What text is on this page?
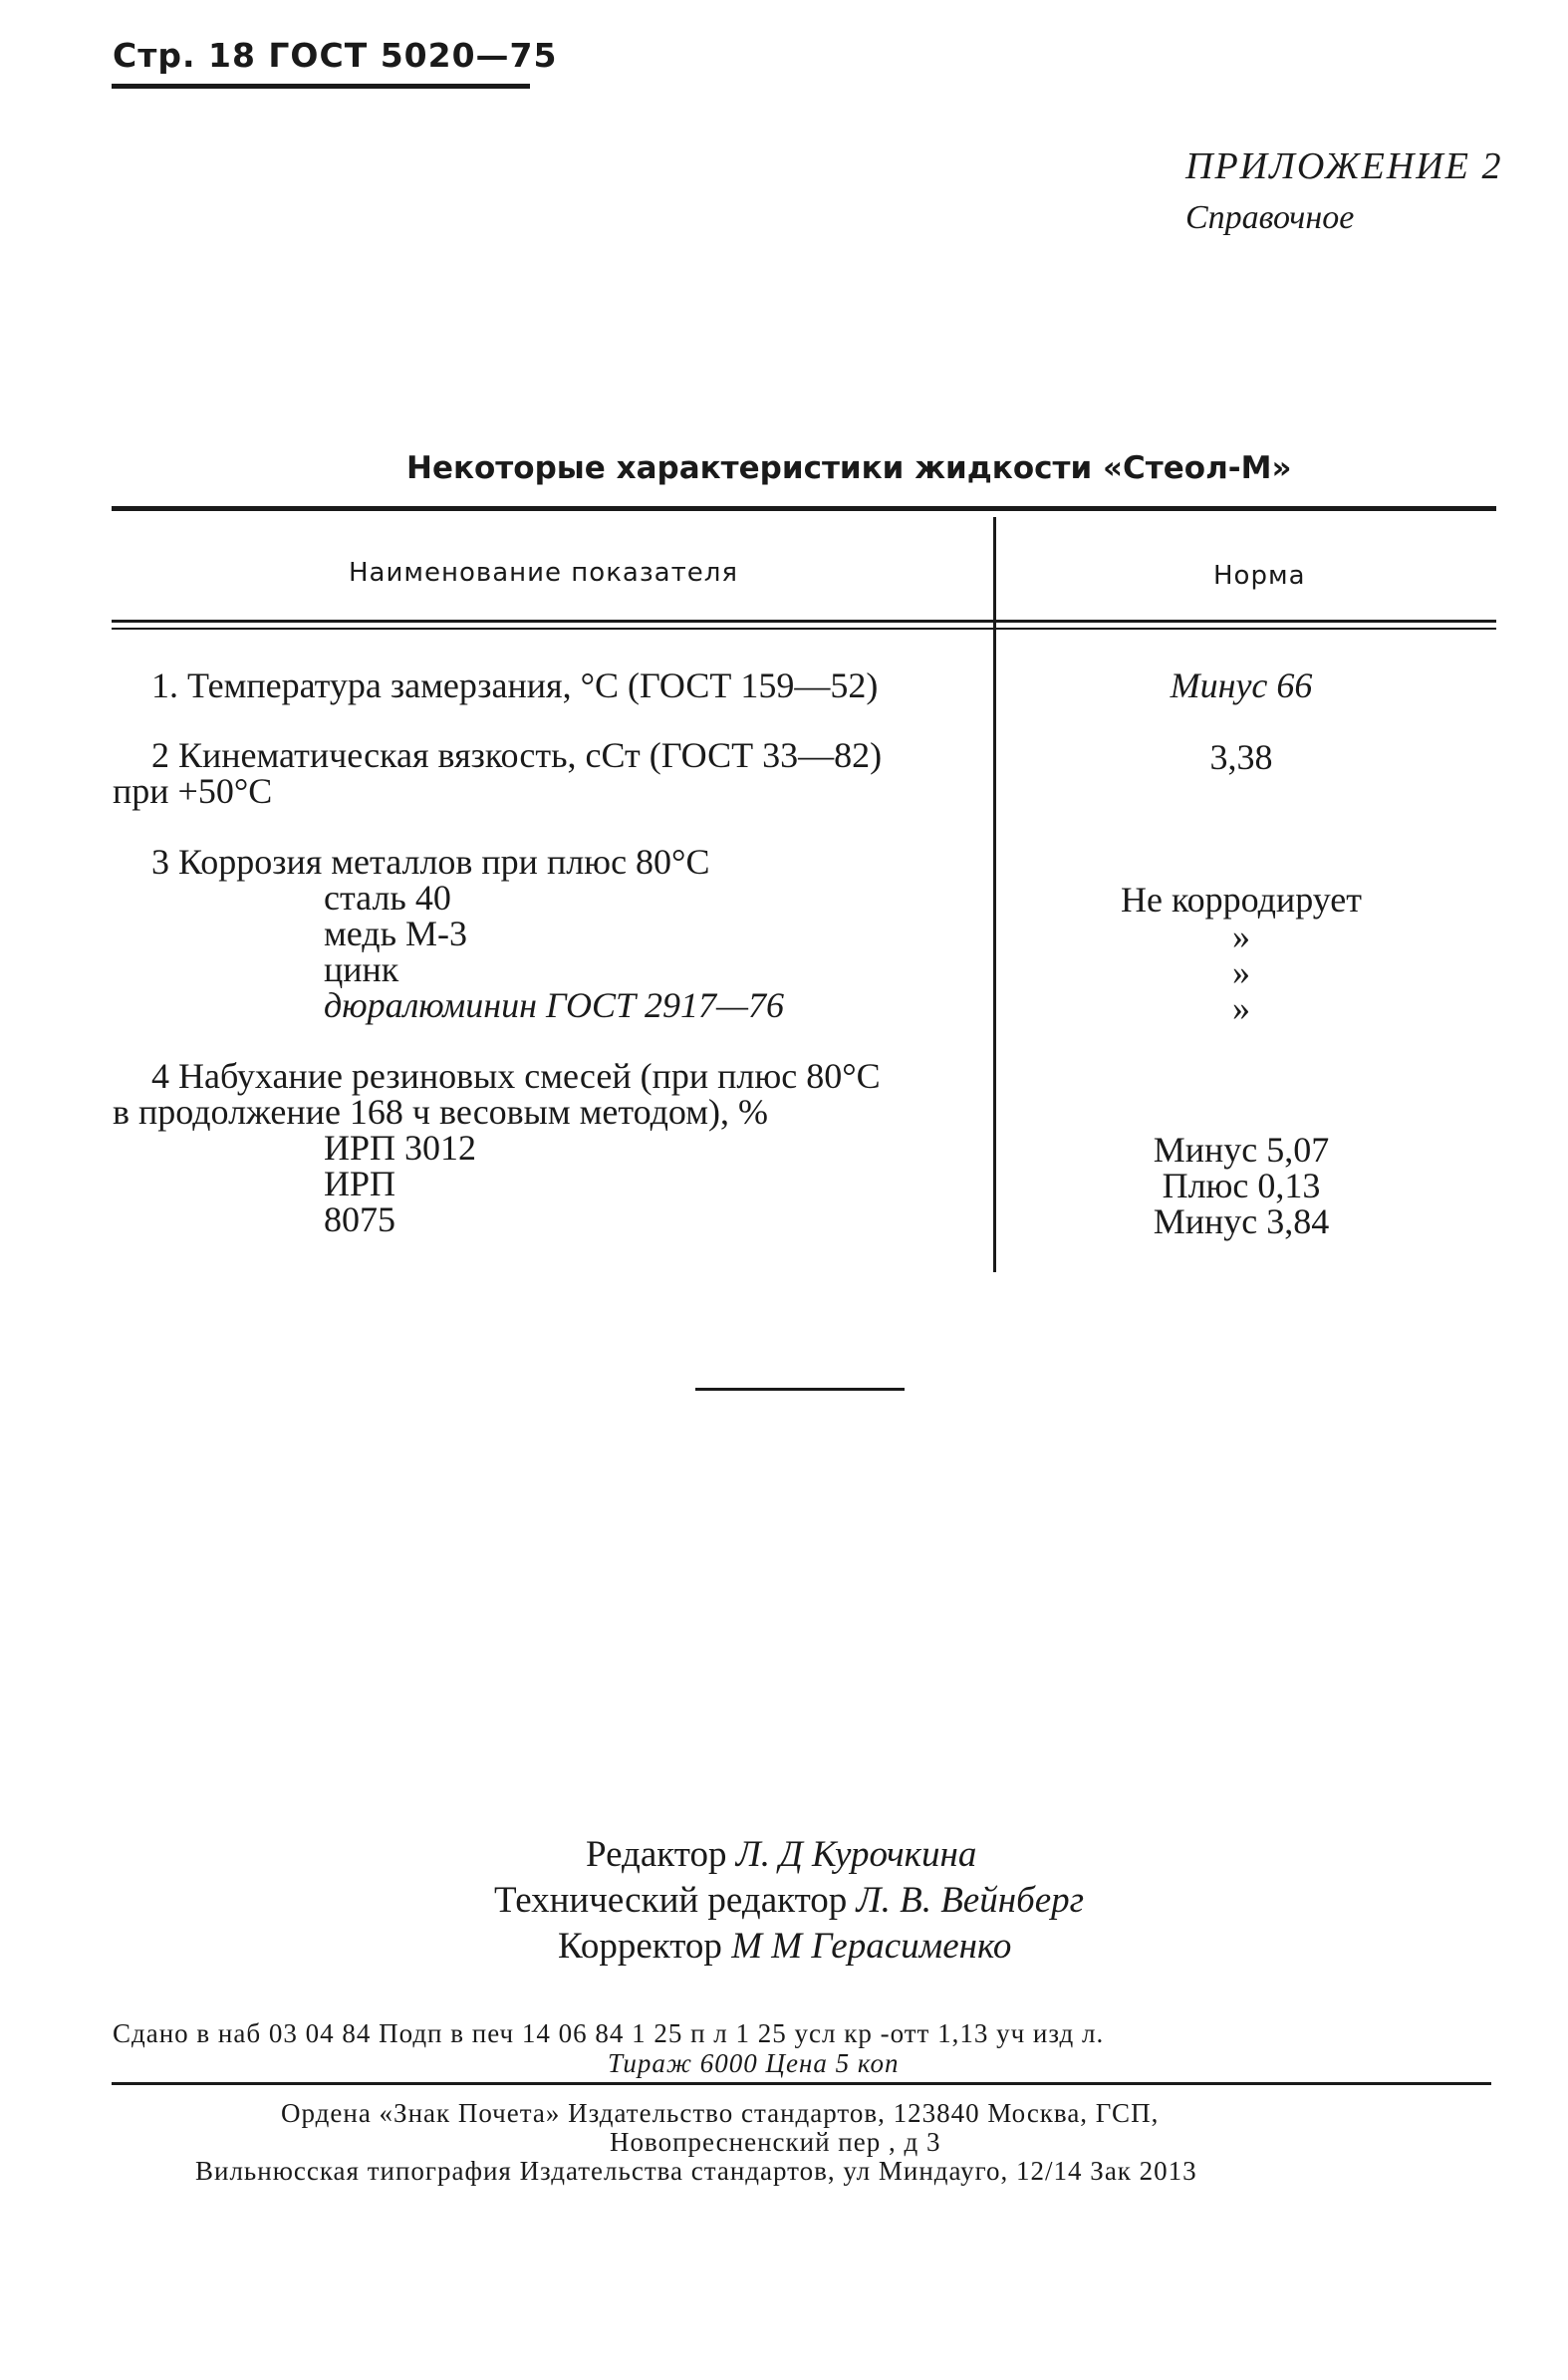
Стр. 18 ГОСТ 5020—75
ПРИЛОЖЕНИЕ 2
Справочное
Некоторые характеристики жидкости «Стеол-М»
Наименование показателя	Норма
1. Температура замерзания, °С (ГОСТ 159—52)	Минус 66
2 Кинематическая вязкость, сСт (ГОСТ 33—82)
при +50°С
3,38
3 Коррозия металлов при плюс 80°С
сталь 40
медь М-3
цинк
дюралюминин ГОСТ 2917—76
Не корродирует
»
»
»
4 Набухание резиновых смесей (при плюс 80°С
в продолжение 168 ч весовым методом), %
ИРП 3012
ИРП
8075
Минус 5,07
Плюс 0,13
Минус 3,84
Редактор Л. Д Курочкина
Технический редактор Л. В. Вейнберг
Корректор М М Герасименко
Сдано в наб 03 04 84 Подп в печ 14 06 84 1 25 п л 1 25 усл кр -отт 1,13 уч изд л.
Тираж 6000 Цена 5 коп
Ордена «Знак Почета» Издательство стандартов, 123840 Москва, ГСП,
Новопресненский пер , д 3
Вильнюсская типография Издательства стандартов, ул Миндауго, 12/14 Зак 2013
